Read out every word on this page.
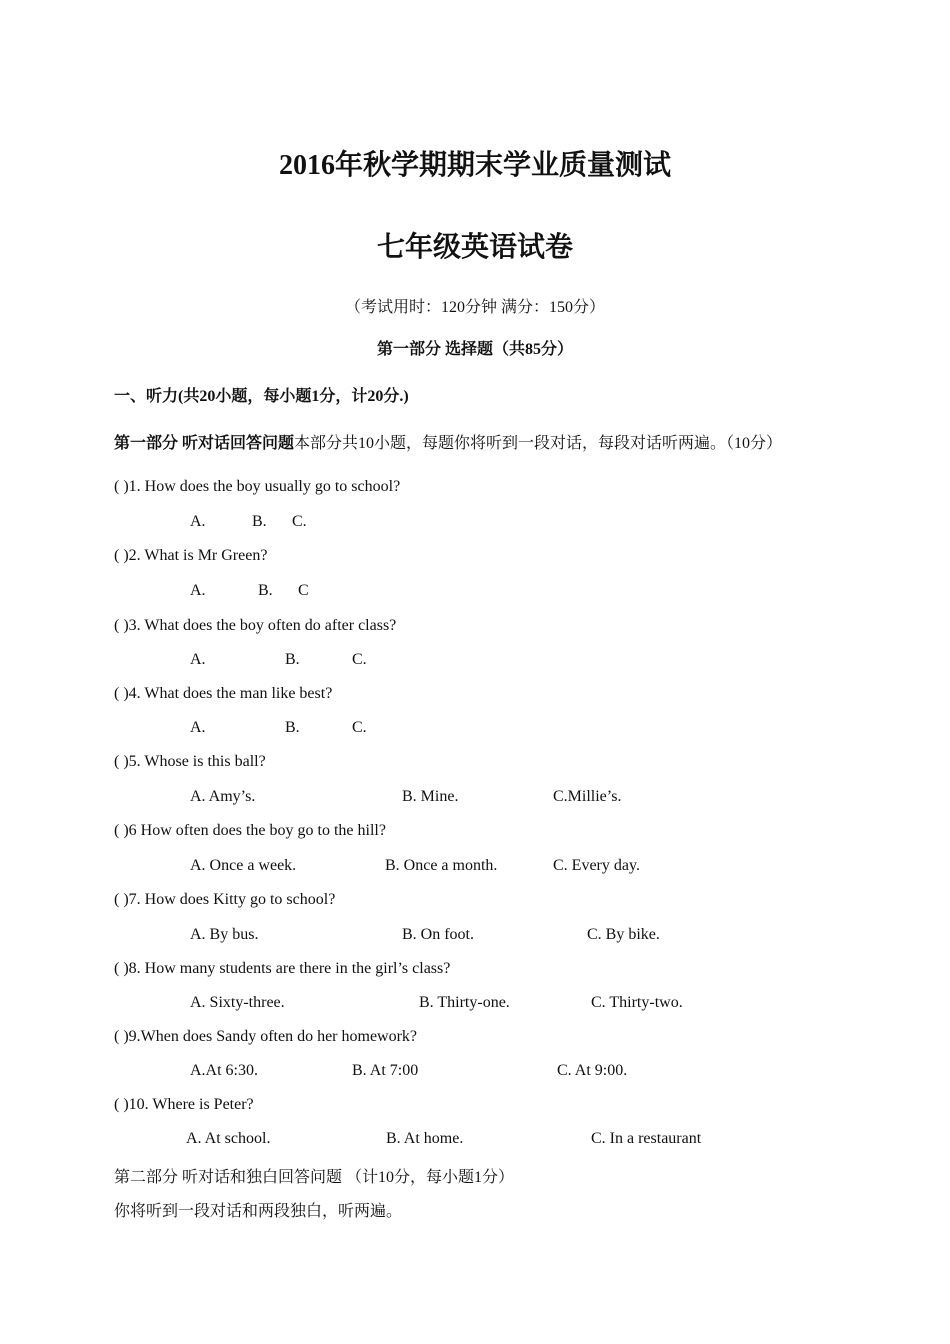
2016年秋学期期末学业质量测试
七年级英语试卷
（考试用时：120分钟 满分：150分）
第一部分 选择题（共85分）
一、听力(共20小题，每小题1分，计20分.)
第一部分 听对话回答问题本部分共10小题，每题你将听到一段对话，每段对话听两遍。（10分）
( )1. How does the boy usually go to school?
A.	B. C.
( )2. What is Mr Green?
A.	B. C
( )3. What does the boy often do after class?
A.	B.	C.
( )4. What does the man like best?
A.	B.	C.
( )5. Whose is this ball?
A. Amy’s.	B. Mine.	C.Millie’s.
( )6 How often does the boy go to the hill?
A. Once a week.	B. Once a month.	C. Every day.
( )7. How does Kitty go to school?
A. By bus.	B. On foot.	C. By bike.
( )8. How many students are there in the girl’s class?
A. Sixty-three.	B. Thirty-one.	C. Thirty-two.
( )9.When does Sandy often do her homework?
A.At 6:30.	B. At 7:00	C. At 9:00.
( )10. Where is Peter?
A. At school.	B. At home.	C. In a restaurant
第二部分 听对话和独白回答问题 （计10分，每小题1分）
你将听到一段对话和两段独白，听两遍。
